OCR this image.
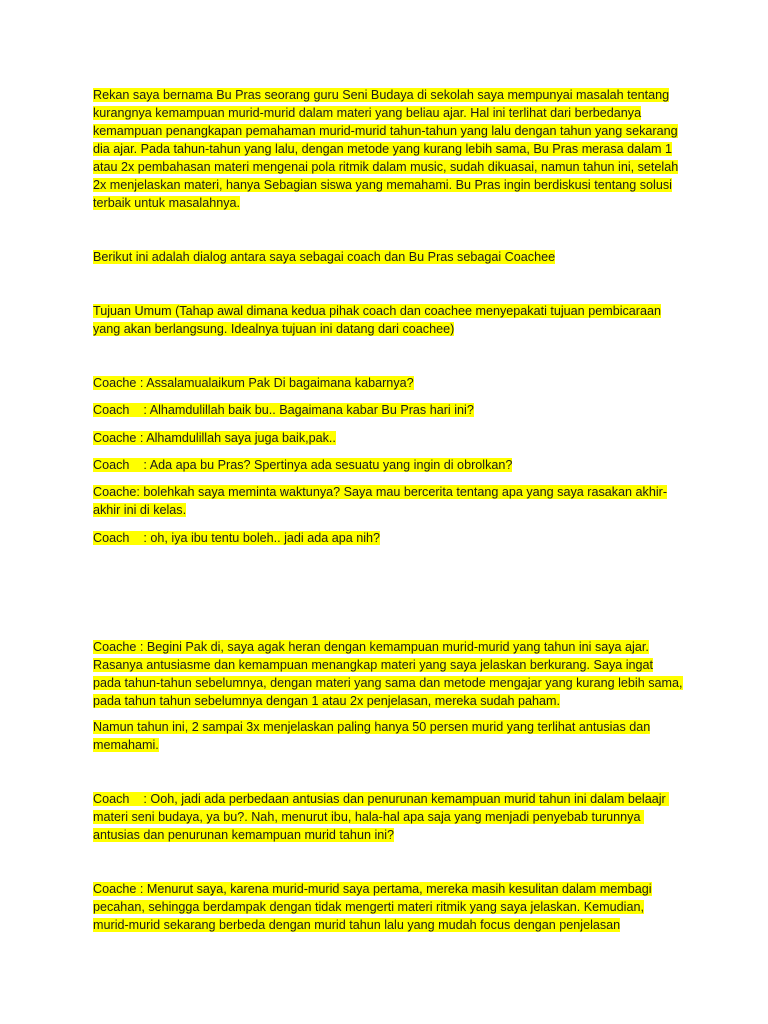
Rekan saya bernama Bu Pras seorang guru Seni Budaya di sekolah saya mempunyai masalah tentang kurangnya kemampuan murid-murid dalam materi yang beliau ajar. Hal ini terlihat dari berbedanya kemampuan penangkapan pemahaman murid-murid tahun-tahun yang lalu dengan tahun yang sekarang dia ajar. Pada tahun-tahun yang lalu, dengan metode yang kurang lebih sama, Bu Pras merasa dalam 1 atau 2x pembahasan materi mengenai pola ritmik dalam music, sudah dikuasai, namun tahun ini, setelah 2x menjelaskan materi, hanya Sebagian siswa yang memahami. Bu Pras ingin berdiskusi tentang solusi terbaik untuk masalahnya.

Berikut ini adalah dialog antara saya sebagai coach dan Bu Pras sebagai Coachee

Tujuan Umum (Tahap awal dimana kedua pihak coach dan coachee menyepakati tujuan pembicaraan yang akan berlangsung. Idealnya tujuan ini datang dari coachee)

Coache : Assalamualaikum Pak Di bagaimana kabarnya?

Coach    : Alhamdulillah baik bu.. Bagaimana kabar Bu Pras hari ini?

Coache : Alhamdulillah saya juga baik,pak..

Coach    : Ada apa bu Pras? Spertinya ada sesuatu yang ingin di obrolkan?

Coache: bolehkah saya meminta waktunya? Saya mau bercerita tentang apa yang saya rasakan akhir-akhir ini di kelas.

Coach    : oh, iya ibu tentu boleh.. jadi ada apa nih?

Coache : Begini Pak di, saya agak heran dengan kemampuan murid-murid yang tahun ini saya ajar. Rasanya antusiasme dan kemampuan menangkap materi yang saya jelaskan berkurang. Saya ingat pada tahun-tahun sebelumnya, dengan materi yang sama dan metode mengajar yang kurang lebih sama, pada tahun tahun sebelumnya dengan 1 atau 2x penjelasan, mereka sudah paham.

Namun tahun ini, 2 sampai 3x menjelaskan paling hanya 50 persen murid yang terlihat antusias dan memahami.

Coach    : Ooh, jadi ada perbedaan antusias dan penurunan kemampuan murid tahun ini dalam belaajr materi seni budaya, ya bu?. Nah, menurut ibu, hala-hal apa saja yang menjadi penyebab turunnya antusias dan penurunan kemampuan murid tahun ini?

Coache : Menurut saya, karena murid-murid saya pertama, mereka masih kesulitan dalam membagi pecahan, sehingga berdampak dengan tidak mengerti materi ritmik yang saya jelaskan. Kemudian, murid-murid sekarang berbeda dengan murid tahun lalu yang mudah focus dengan penjelasan
